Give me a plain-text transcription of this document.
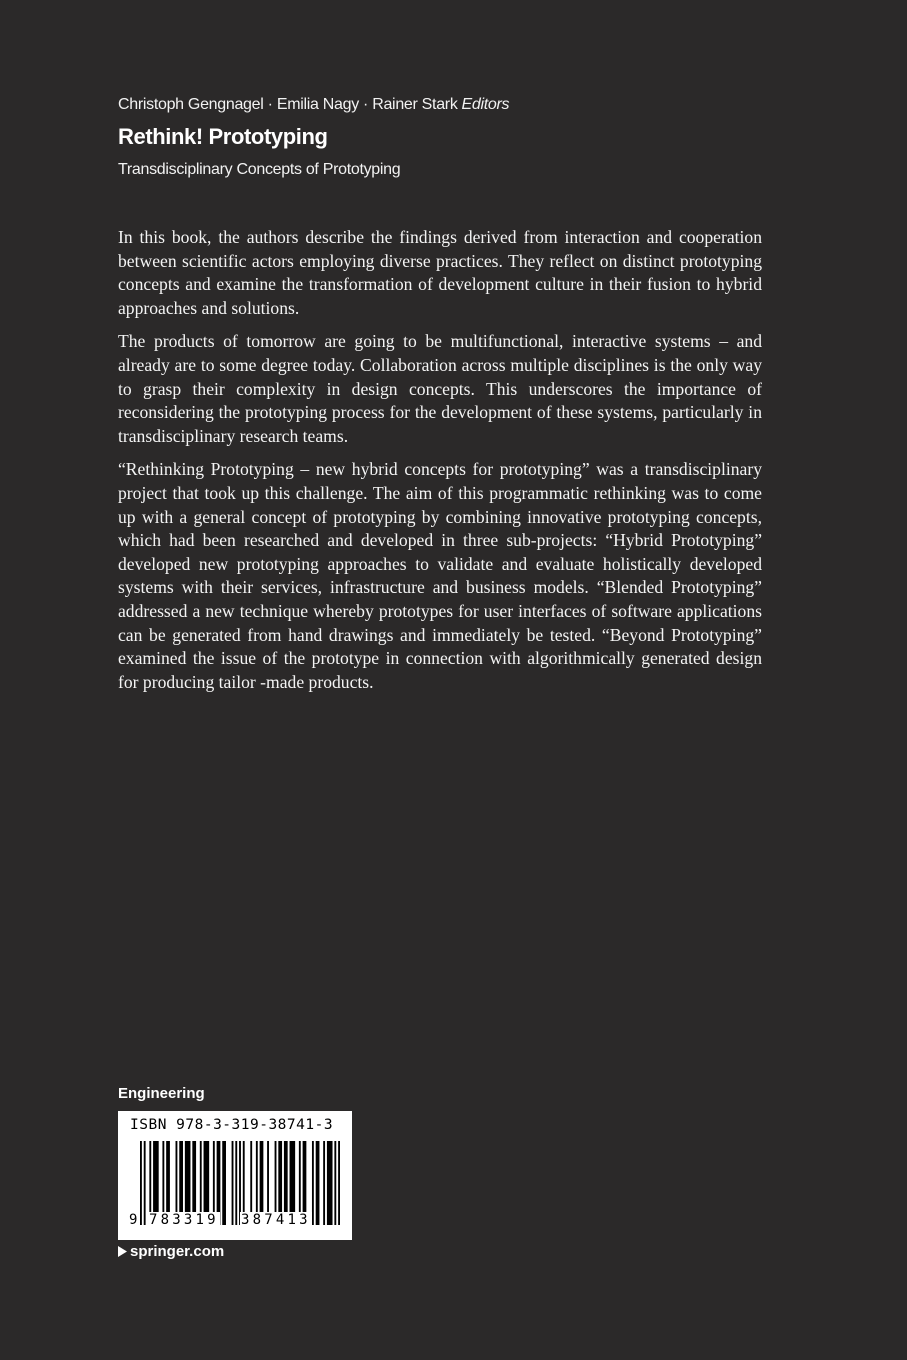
Christoph Gengnagel · Emilia Nagy · Rainer Stark Editors
Rethink! Prototyping
Transdisciplinary Concepts of Prototyping

In this book, the authors describe the findings derived from interaction and cooperation between scientific actors employing diverse practices. They reflect on distinct prototyping concepts and examine the transformation of development culture in their fusion to hybrid approaches and solutions.

The products of tomorrow are going to be multifunctional, interactive systems – and already are to some degree today. Collaboration across multiple disciplines is the only way to grasp their complexity in design concepts. This underscores the importance of reconsidering the prototyping process for the development of these systems, particularly in transdisciplinary research teams.

“Rethinking Prototyping – new hybrid concepts for prototyping” was a transdisciplinary project that took up this challenge. The aim of this programmatic rethinking was to come up with a general concept of prototyping by combining innovative prototyping concepts, which had been researched and developed in three sub-projects: “Hybrid Prototyping” developed new prototyping approaches to validate and evaluate holistically developed systems with their services, infrastructure and business models. “Blended Prototyping” addressed a new technique whereby prototypes for user interfaces of software applications can be generated from hand drawings and immediately be tested. “Beyond Prototyping” examined the issue of the prototype in connection with algorithmically generated design for producing tailor -made products.

Engineering
ISBN 978-3-319-38741-3
9 783319 387413
springer.com
